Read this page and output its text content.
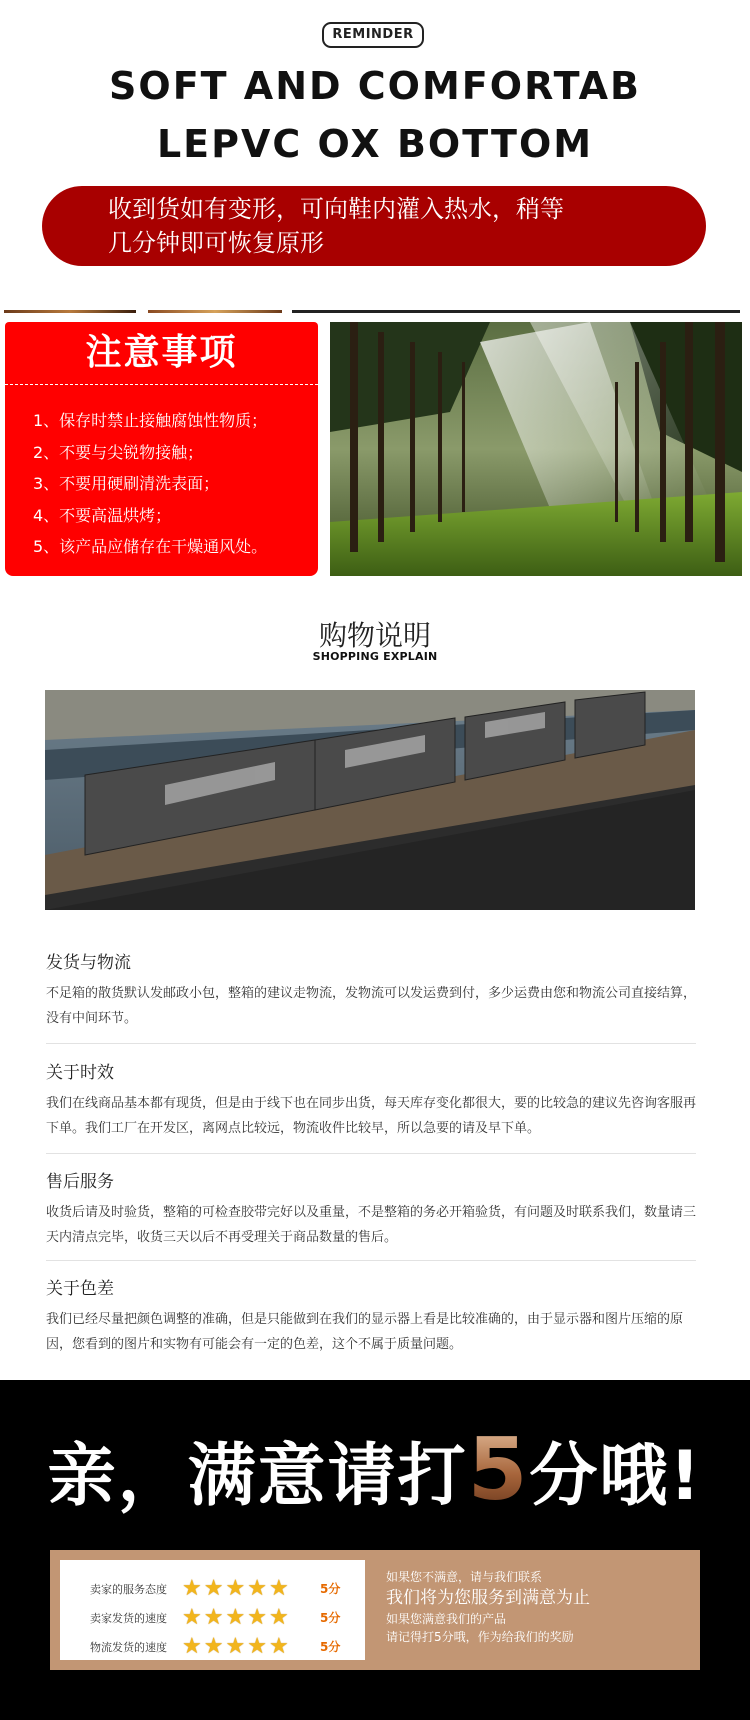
REMINDER
SOFT AND COMFORTAB
LEPVC OX BOTTOM
收到货如有变形，可向鞋内灌入热水，稍等
几分钟即可恢复原形
注意事项
1、保存时禁止接触腐蚀性物质；
2、不要与尖锐物接触；
3、不要用硬刷清洗表面；
4、不要高温烘烤；
5、该产品应储存在干燥通风处。
购物说明
SHOPPING EXPLAIN
发货与物流

不足箱的散货默认发邮政小包，整箱的建议走物流，发物流可以发运费到付，多少运费由您和物流公司直接结算，没有中间环节。

关于时效

我们在线商品基本都有现货，但是由于线下也在同步出货，每天库存变化都很大，要的比较急的建议先咨询客服再下单。我们工厂在开发区，离网点比较远，物流收件比较早，所以急要的请及早下单。

售后服务

收货后请及时验货，整箱的可检查胶带完好以及重量，不是整箱的务必开箱验货，有问题及时联系我们，数量请三天内清点完毕，收货三天以后不再受理关于商品数量的售后。

关于色差

我们已经尽量把颜色调整的准确，但是只能做到在我们的显示器上看是比较准确的，由于显示器和图片压缩的原因，您看到的图片和实物有可能会有一定的色差，这个不属于质量问题。

亲，满意请打5分哦!
卖家的服务态度 ★ ★ ★ ★ ★	5分
卖家发货的速度 ★ ★ ★ ★ ★	5分
物流发货的速度 ★ ★ ★ ★ ★	5分
如果您不满意，请与我们联系
我们将为您服务到满意为止
如果您满意我们的产品
请记得打5分哦，作为给我们的奖励
